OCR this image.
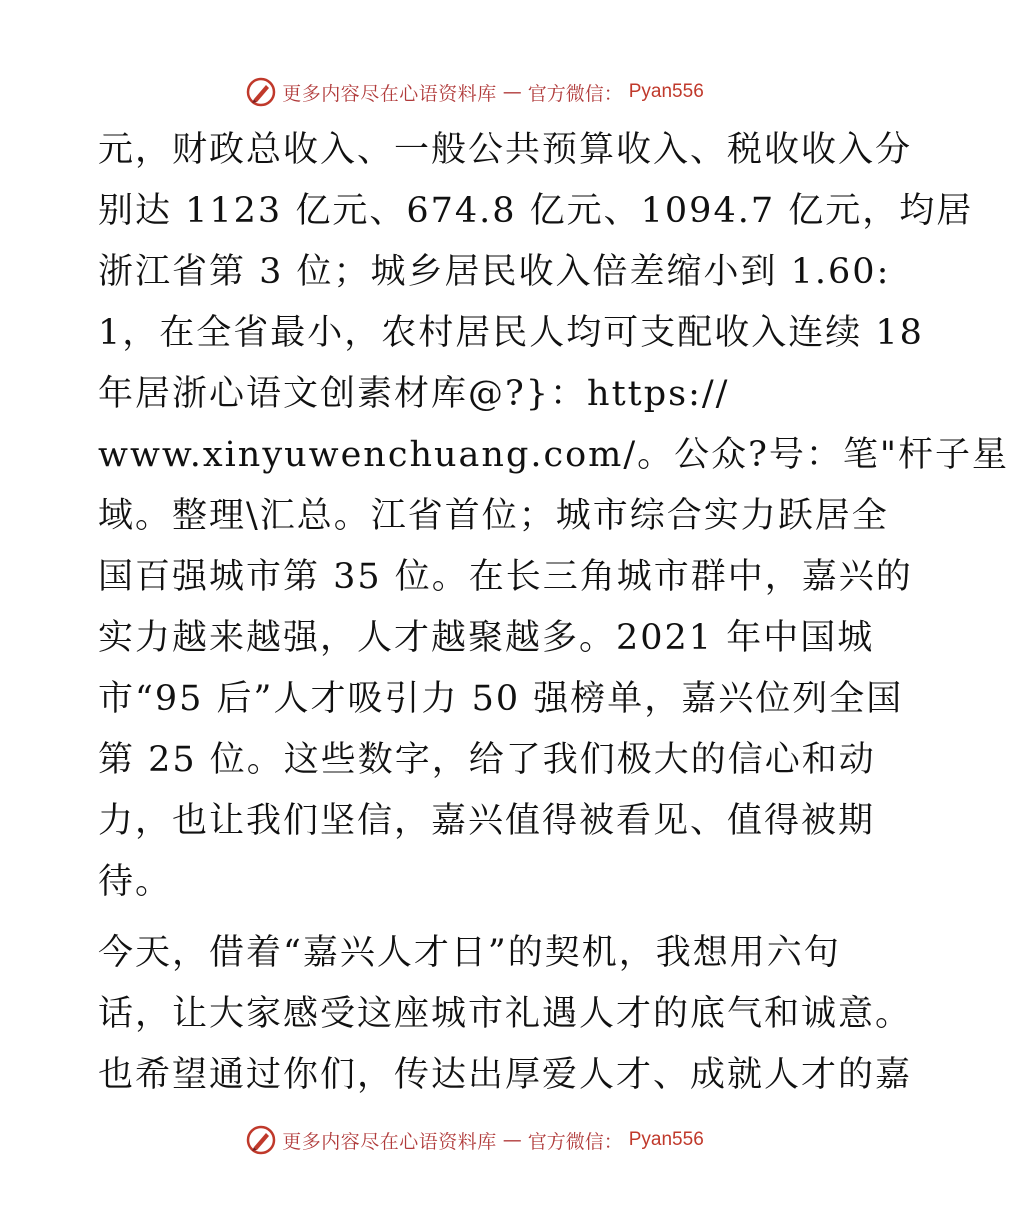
更多内容尽在心语资料库 — 官方微信： Pyan556
元，财政总收入、一般公共预算收入、税收收入分
别达 1123 亿元、674.8 亿元、1094.7 亿元，均居
浙江省第 3 位；城乡居民收入倍差缩小到 1.60:
1，在全省最小，农村居民人均可支配收入连续 18
年居浙心语文创素材库@?}：https://
www.xinyuwenchuang.com/。公众?号：笔"杆子星
域。整理\汇总。江省首位；城市综合实力跃居全
国百强城市第 35 位。在长三角城市群中，嘉兴的
实力越来越强，人才越聚越多。2021 年中国城
市“95 后”人才吸引力 50 强榜单，嘉兴位列全国
第 25 位。这些数字，给了我们极大的信心和动
力，也让我们坚信，嘉兴值得被看见、值得被期
待。
今天，借着“嘉兴人才日”的契机，我想用六句
话，让大家感受这座城市礼遇人才的底气和诚意。
也希望通过你们，传达出厚爱人才、成就人才的嘉
更多内容尽在心语资料库 — 官方微信： Pyan556
